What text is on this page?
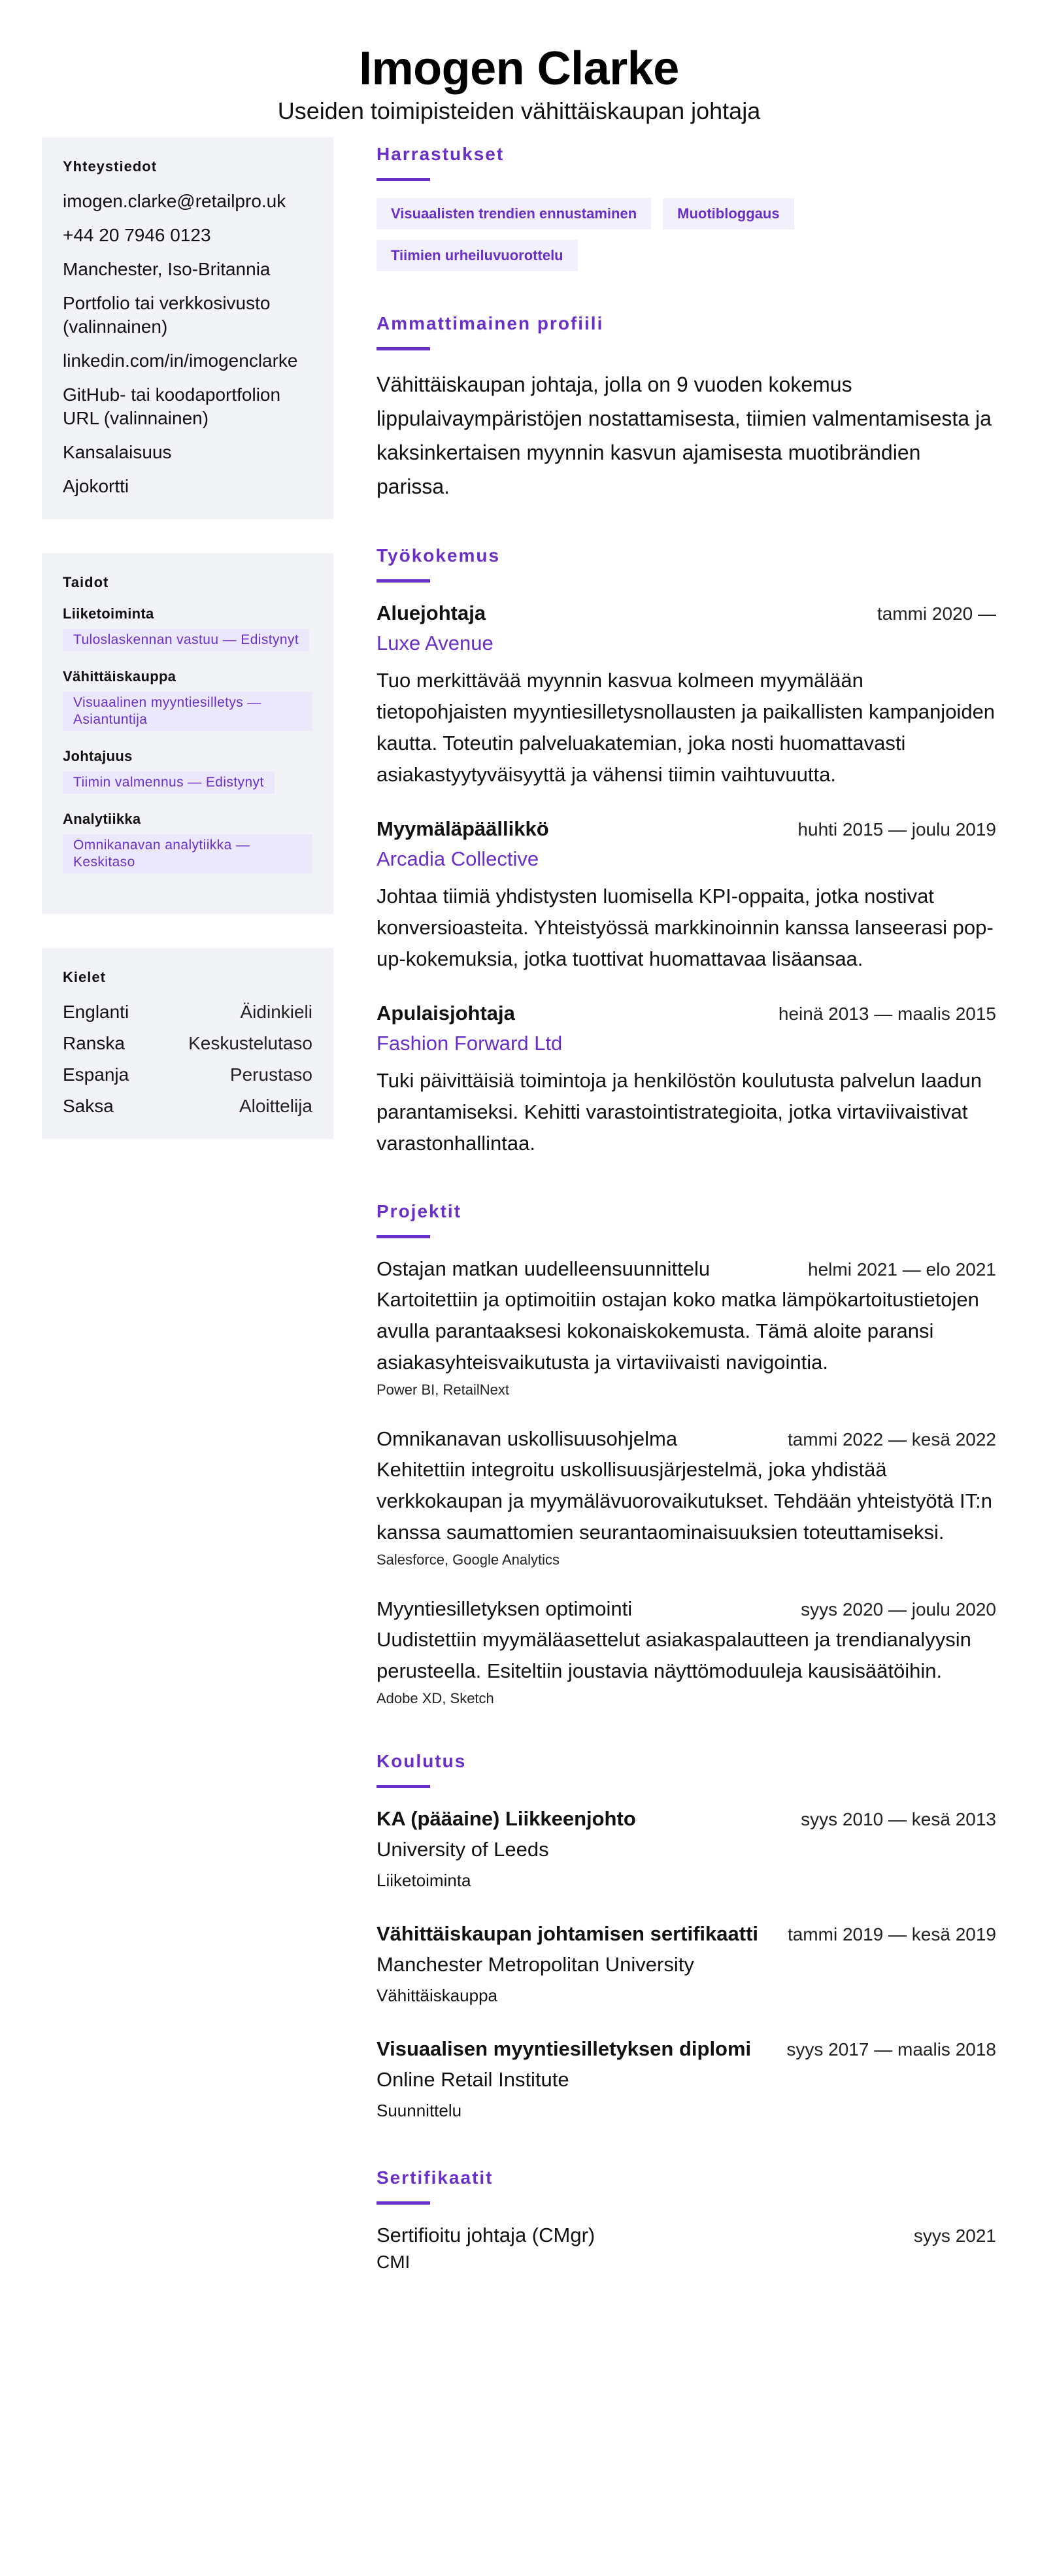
Imogen Clarke
Useiden toimipisteiden vähittäiskaupan johtaja
Yhteystiedot
imogen.clarke@retailpro.uk
+44 20 7946 0123
Manchester, Iso-Britannia
Portfolio tai verkkosivusto (valinnainen)
linkedin.com/in/imogenclarke
GitHub- tai koodaportfolion URL (valinnainen)
Kansalaisuus
Ajokortti
Taidot
Liiketoiminta
Tuloslaskennan vastuu — Edistynyt
Vähittäiskauppa
Visuaalinen myyntiesilletys — Asiantuntija
Johtajuus
Tiimin valmennus — Edistynyt
Analytiikka
Omnikanavan analytiikka — Keskitaso
Kielet
Englanti	Äidinkieli
Ranska	Keskustelutaso
Espanja	Perustaso
Saksa	Aloittelija
Harrastukset
Visuaalisten trendien ennustaminen	Muotibloggaus
Tiimien urheiluvuorottelu
Ammattimainen profiili

Vähittäiskaupan johtaja, jolla on 9 vuoden kokemus lippulaivaympäristöjen nostattamisesta, tiimien valmentamisesta ja kaksinkertaisen myynnin kasvun ajamisesta muotibrändien parissa.

Työkokemus
Aluejohtaja	tammi 2020 —
Luxe Avenue

Tuo merkittävää myynnin kasvua kolmeen myymälään tietopohjaisten myyntiesilletysnollausten ja paikallisten kampanjoiden kautta. Toteutin palveluakatemian, joka nosti huomattavasti asiakastyytyväisyyttä ja vähensi tiimin vaihtuvuutta.

Myymäläpäällikkö	huhti 2015 — joulu 2019
Arcadia Collective

Johtaa tiimiä yhdistysten luomisella KPI-oppaita, jotka nostivat konversioasteita. Yhteistyössä markkinoinnin kanssa lanseerasi pop-up-kokemuksia, jotka tuottivat huomattavaa lisäansaa.

Apulaisjohtaja	heinä 2013 — maalis 2015
Fashion Forward Ltd

Tuki päivittäisiä toimintoja ja henkilöstön koulutusta palvelun laadun parantamiseksi. Kehitti varastointistrategioita, jotka virtaviivaistivat varastonhallintaa.

Projektit
Ostajan matkan uudelleensuunnittelu	helmi 2021 — elo 2021

Kartoitettiin ja optimoitiin ostajan koko matka lämpökartoitustietojen avulla parantaaksesi kokonaiskokemusta. Tämä aloite paransi asiakasyhteisvaikutusta ja virtaviivaisti navigointia.

Power BI, RetailNext
Omnikanavan uskollisuusohjelma	tammi 2022 — kesä 2022

Kehitettiin integroitu uskollisuusjärjestelmä, joka yhdistää verkkokaupan ja myymälävuorovaikutukset. Tehdään yhteistyötä IT:n kanssa saumattomien seurantaominaisuuksien toteuttamiseksi.

Salesforce, Google Analytics
Myyntiesilletyksen optimointi	syys 2020 — joulu 2020

Uudistettiin myymäläasettelut asiakaspalautteen ja trendianalyysin perusteella. Esiteltiin joustavia näyttömoduuleja kausisäätöihin.

Adobe XD, Sketch
Koulutus
KA (pääaine) Liikkeenjohto	syys 2010 — kesä 2013
University of Leeds
Liiketoiminta
Vähittäiskaupan johtamisen sertifikaatti tammi 2019 — kesä 2019
Manchester Metropolitan University
Vähittäiskauppa
Visuaalisen myyntiesilletyksen diplomi syys 2017 — maalis 2018
Online Retail Institute
Suunnittelu
Sertifikaatit
Sertifioitu johtaja (CMgr)	syys 2021
CMI
